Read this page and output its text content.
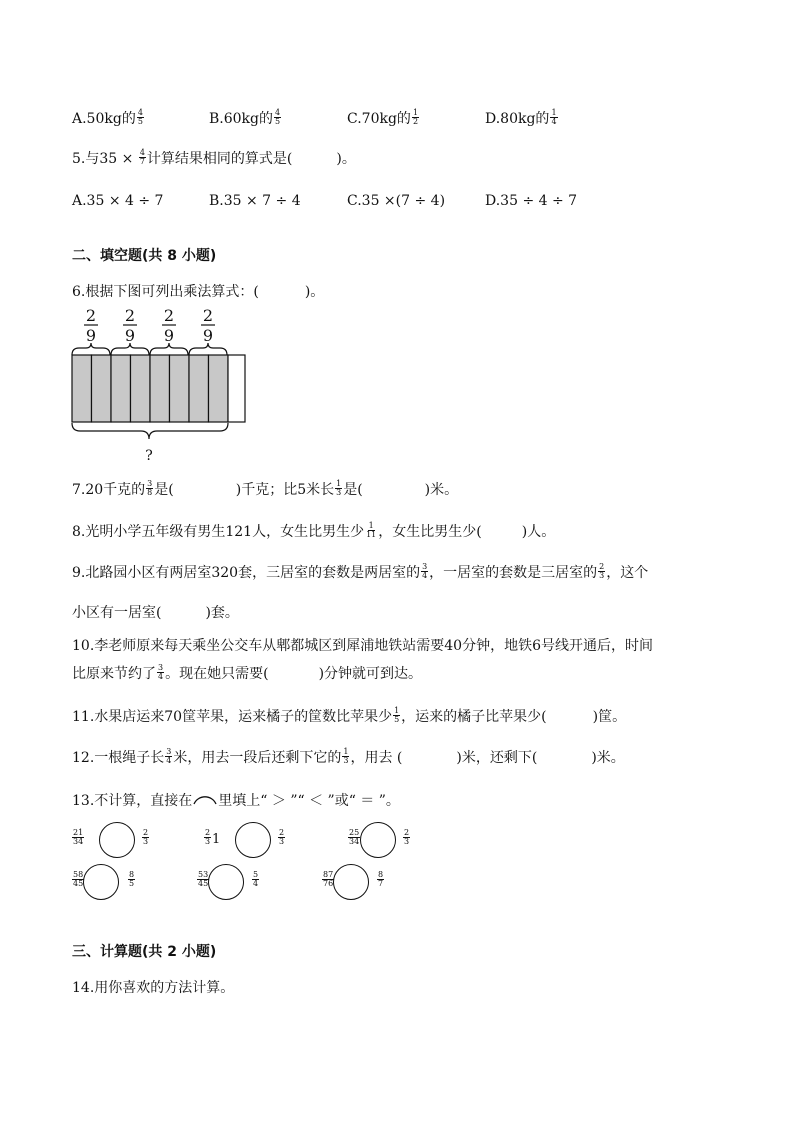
A.50kg的 $\frac{4}{5}$	B.60kg的 $\frac{4}{5}$	C.70kg的 $\frac{1}{2}$	D.80kg的 $\frac{1}{4}$
5.与$35 \times \frac{4}{7}$ 计算结果相同的算式是(	)。
A.35 × 4 ÷ 7	B.35 × 7 ÷ 4	C.35 ×(7 ÷ 4)	D.35 ÷ 4 ÷ 7
二、填空题(共 8 小题)
6.根据下图可列出乘法算式：(	)。
2
9
2
9
2
9
2
9
?
7.20千克的 $\frac{3}{8}$ 是(	)千克；比5米长 $\frac{1}{3}$ 是(	)米。
8.光明小学五年级有男生121人，女生比男生少 $\frac{1}{11}$ ，女生比男生少(	)人。
9.北路园小区有两居室320套，三居室的套数是两居室的 $\frac{3}{4}$ ，一居室的套数是三居室的 $\frac{2}{3}$ ，这个
小区有一居室(	)套。
10.李老师原来每天乘坐公交车从郫都城区到犀浦地铁站需要40分钟，地铁6号线开通后，时间
比原来节约了 $\frac{3}{4}$ 。现在她只需要(	)分钟就可到达。
11.水果店运来70筐苹果，运来橘子的筐数比苹果少 $\frac{1}{5}$ ，运来的橘子比苹果少(	)筐。
12.一根绳子长 $\frac{3}{4}$ 米，用去一段后还剩下它的 $\frac{1}{3}$ ，用去 (	)米，还剩下(	)米。
13.不计算，直接在 里填上“ ＞ ”“ ＜ ”或“ ＝ ”。
$\frac{21}{34}$	$\frac{2}{3}$	$\frac{2}{3} 1$	$\frac{2}{3}$	$\frac{25}{34}$	$\frac{2}{3}$
$\frac{58}{45}$	$\frac{8}{5}$	$\frac{53}{45}$	$\frac{5}{4}$	$\frac{87}{76}$	$\frac{8}{7}$
三、计算题(共 2 小题)
14.用你喜欢的方法计算。
